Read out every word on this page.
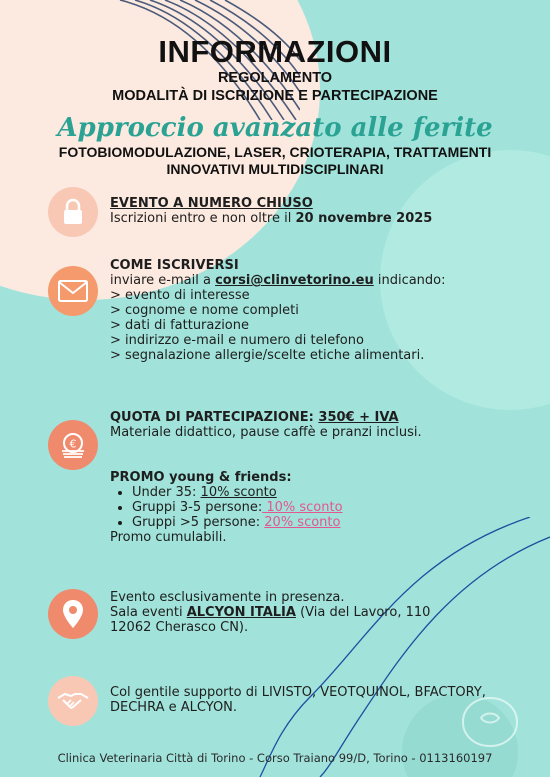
INFORMAZIONI
REGOLAMENTO
MODALITÀ DI ISCRIZIONE E PARTECIPAZIONE
Approccio avanzato alle ferite
FOTOBIOMODULAZIONE, LASER, CRIOTERAPIA, TRATTAMENTI
INNOVATIVI MULTIDISCIPLINARI
EVENTO A NUMERO CHIUSO
Iscrizioni entro e non oltre il 20 novembre 2025
COME ISCRIVERSI
inviare e-mail a corsi@clinvetorino.eu indicando:
> evento di interesse
> cognome e nome completi
> dati di fatturazione
> indirizzo e-mail e numero di telefono
> segnalazione allergie/scelte etiche alimentari.
€
QUOTA DI PARTECIPAZIONE: 350€ + IVA
Materiale didattico, pause caffè e pranzi inclusi.
PROMO young & friends:
• Under 35: 10% sconto
• Gruppi 3-5 persone: 10% sconto
• Gruppi >5 persone: 20% sconto
Promo cumulabili.
Evento esclusivamente in presenza.
Sala eventi ALCYON ITALIA (Via del Lavoro, 110
12062 Cherasco CN).
Col gentile supporto di LIVISTO, VEOTQUINOL, BFACTORY,
DECHRA e ALCYON.
Clinica Veterinaria Città di Torino - Corso Traiano 99/D, Torino - 0113160197
